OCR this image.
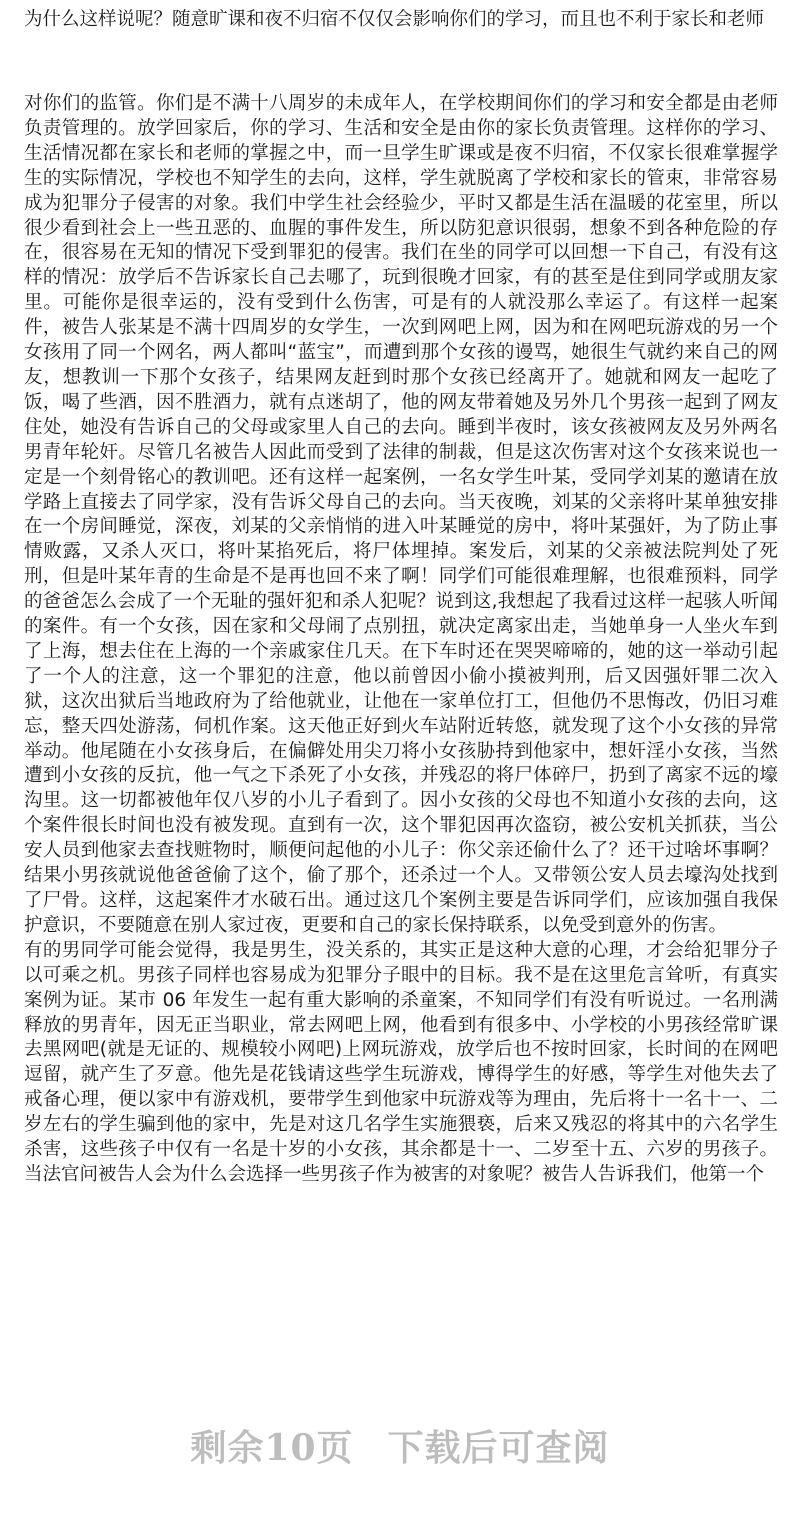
为什么这样说呢？随意旷课和夜不归宿不仅仅会影响你们的学习，而且也不利于家长和老师

对你们的监管。你们是不满十八周岁的未成年人，在学校期间你们的学习和安全都是由老师负责管理的。放学回家后，你的学习、生活和安全是由你的家长负责管理。这样你的学习、生活情况都在家长和老师的掌握之中，而一旦学生旷课或是夜不归宿，不仅家长很难掌握学生的实际情况，学校也不知学生的去向，这样，学生就脱离了学校和家长的管束，非常容易成为犯罪分子侵害的对象。我们中学生社会经验少，平时又都是生活在温暖的花室里，所以很少看到社会上一些丑恶的、血腥的事件发生，所以防犯意识很弱，想象不到各种危险的存在，很容易在无知的情况下受到罪犯的侵害。我们在坐的同学可以回想一下自己，有没有这样的情况：放学后不告诉家长自己去哪了，玩到很晚才回家，有的甚至是住到同学或朋友家里。可能你是很幸运的，没有受到什么伤害，可是有的人就没那么幸运了。有这样一起案件，被告人张某是不满十四周岁的女学生，一次到网吧上网，因为和在网吧玩游戏的另一个女孩用了同一个网名，两人都叫“蓝宝”，而遭到那个女孩的谩骂，她很生气就约来自己的网友，想教训一下那个女孩子，结果网友赶到时那个女孩已经离开了。她就和网友一起吃了饭，喝了些酒，因不胜酒力，就有点迷胡了，他的网友带着她及另外几个男孩一起到了网友住处，她没有告诉自己的父母或家里人自己的去向。睡到半夜时，该女孩被网友及另外两名男青年轮奸。尽管几名被告人因此而受到了法律的制裁，但是这次伤害对这个女孩来说也一定是一个刻骨铭心的教训吧。还有这样一起案例，一名女学生叶某，受同学刘某的邀请在放学路上直接去了同学家，没有告诉父母自己的去向。当天夜晚，刘某的父亲将叶某单独安排在一个房间睡觉，深夜，刘某的父亲悄悄的进入叶某睡觉的房中，将叶某强奸，为了防止事情败露，又杀人灭口，将叶某掐死后，将尸体埋掉。案发后，刘某的父亲被法院判处了死刑，但是叶某年青的生命是不是再也回不来了啊！同学们可能很难理解，也很难预料，同学的爸爸怎么会成了一个无耻的强奸犯和杀人犯呢？说到这,我想起了我看过这样一起骇人听闻的案件。有一个女孩，因在家和父母闹了点别扭，就决定离家出走，当她单身一人坐火车到了上海，想去住在上海的一个亲戚家住几天。在下车时还在哭哭啼啼的，她的这一举动引起了一个人的注意，这一个罪犯的注意，他以前曾因小偷小摸被判刑，后又因强奸罪二次入狱，这次出狱后当地政府为了给他就业，让他在一家单位打工，但他仍不思悔改，仍旧习难忘，整天四处游荡，伺机作案。这天他正好到火车站附近转悠，就发现了这个小女孩的异常举动。他尾随在小女孩身后，在偏僻处用尖刀将小女孩胁持到他家中，想奸淫小女孩，当然遭到小女孩的反抗，他一气之下杀死了小女孩，并残忍的将尸体碎尸，扔到了离家不远的壕沟里。这一切都被他年仅八岁的小儿子看到了。因小女孩的父母也不知道小女孩的去向，这个案件很长时间也没有被发现。直到有一次，这个罪犯因再次盗窃，被公安机关抓获，当公安人员到他家去查找赃物时，顺便问起他的小儿子：你父亲还偷什么了？还干过啥坏事啊？结果小男孩就说他爸爸偷了这个，偷了那个，还杀过一个人。又带领公安人员去壕沟处找到了尸骨。这样，这起案件才水破石出。通过这几个案例主要是告诉同学们，应该加强自我保护意识，不要随意在别人家过夜，更要和自己的家长保持联系，以免受到意外的伤害。

有的男同学可能会觉得，我是男生，没关系的，其实正是这种大意的心理，才会给犯罪分子以可乘之机。男孩子同样也容易成为犯罪分子眼中的目标。我不是在这里危言耸听，有真实案例为证。某市 06 年发生一起有重大影响的杀童案，不知同学们有没有听说过。一名刑满释放的男青年，因无正当职业，常去网吧上网，他看到有很多中、小学校的小男孩经常旷课去黑网吧(就是无证的、规模较小网吧)上网玩游戏，放学后也不按时回家，长时间的在网吧逗留，就产生了歹意。他先是花钱请这些学生玩游戏，博得学生的好感，等学生对他失去了戒备心理，便以家中有游戏机，要带学生到他家中玩游戏等为理由，先后将十一名十一、二岁左右的学生骗到他的家中，先是对这几名学生实施猥亵，后来又残忍的将其中的六名学生杀害，这些孩子中仅有一名是十岁的小女孩，其余都是十一、二岁至十五、六岁的男孩子。当法官问被告人会为什么会选择一些男孩子作为被害的对象呢？被告人告诉我们，他第一个

剩余10页 下载后可查阅
